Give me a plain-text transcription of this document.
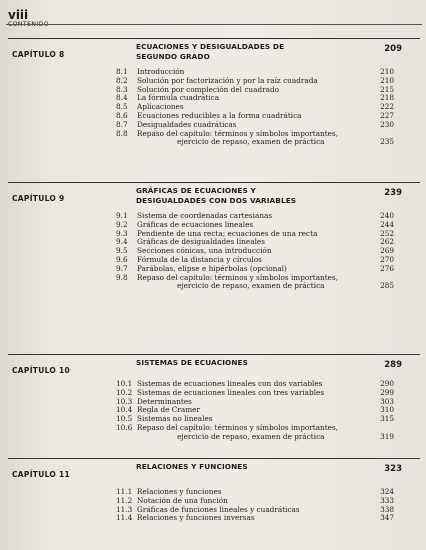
viii
CONTENIDO
CAPÍTULO 8
ECUACIONES Y DESIGUALDADES DE SEGUNDO GRADO
209
8.1 Introducción	210
8.2 Solución por factorización y por la raíz cuadrada	210
8.3 Solución por compleción del cuadrado	215
8.4 La fórmula cuadrática	218
8.5 Aplicaciones	222
8.6 Ecuaciones reducibles a la forma cuadrática	227
8.7 Desigualdades cuadráticas	230
8.8 Repaso del capítulo: términos y símbolos importantes,
ejercicio de repaso, examen de práctica	235
CAPÍTULO 9
GRÁFICAS DE ECUACIONES Y DESIGUALDADES CON DOS VARIABLES
239
9.1 Sistema de coordenadas cartesianas	240
9.2 Gráficas de ecuaciones lineales	244
9.3 Pendiente de una recta; ecuaciones de una recta	252
9.4 Gráficas de desigualdades lineales	262
9.5 Secciones cónicas, una introducción	269
9.6 Fórmula de la distancia y círculos	270
9.7 Parábolas, elipse e hipérbolas (opcional)	276
9.8 Repaso del capítulo: términos y símbolos importantes,
ejercicio de repaso, examen de práctica	285
CAPÍTULO 10
SISTEMAS DE ECUACIONES	289
10.1 Sistemas de ecuaciones lineales con dos variables	290
10.2 Sistemas de ecuaciones lineales con tres variables	299
10.3 Determinantes	303
10.4 Regla de Cramer	310
10.5 Sistemas no lineales	315
10.6 Repaso del capítulo: términos y símbolos importantes,
ejercicio de repaso, examen de práctica	319
CAPÍTULO 11
RELACIONES Y FUNCIONES	323
11.1 Relaciones y funciones	324
11.2 Notación de una función	333
11.3 Gráficas de funciones lineales y cuadráticas	338
11.4 Relaciones y funciones inversas	347
